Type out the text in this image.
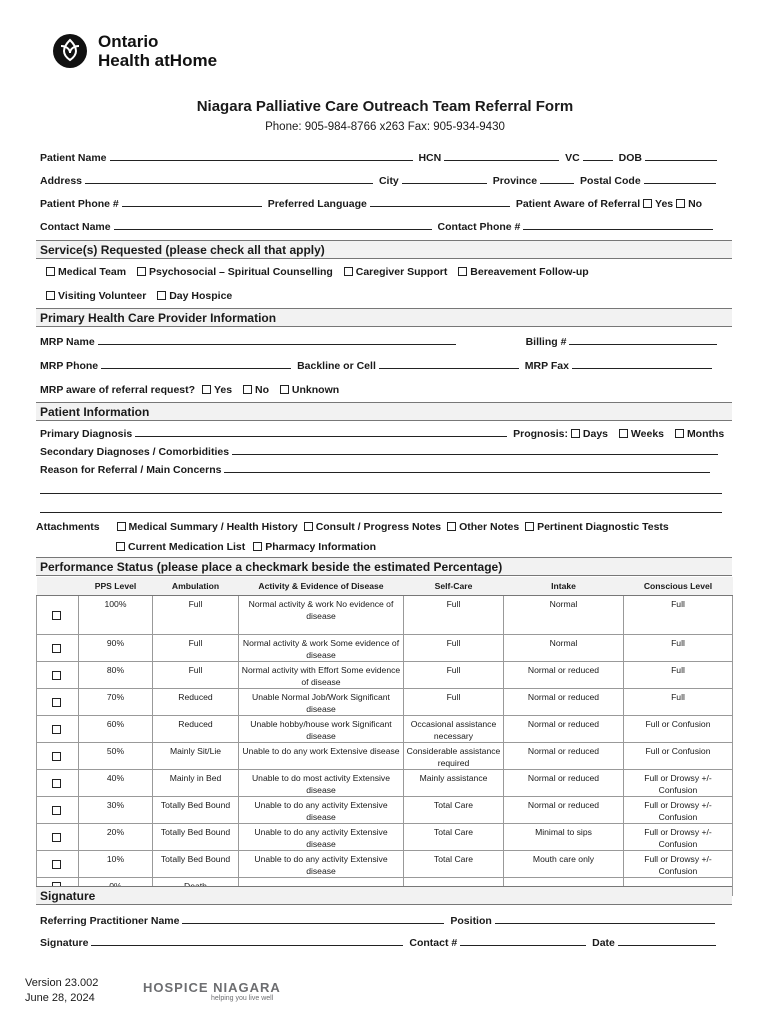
Ontario
Health atHome
Niagara Palliative Care Outreach Team Referral Form
Phone: 905-984-8766 x263 Fax: 905-934-9430
Patient Name	HCN	VC	DOB
Address	City	Province	Postal Code
Patient Phone #	Preferred Language	Patient Aware of Referral Yes No
Contact Name	Contact Phone #
Service(s) Requested (please check all that apply)
Medical Team Psychosocial – Spiritual Counselling Caregiver Support Bereavement Follow-up
Visiting Volunteer Day Hospice
Primary Health Care Provider Information
MRP Name	Billing #
MRP Phone	Backline or Cell	MRP Fax
MRP aware of referral request? Yes No Unknown
Patient Information
Primary Diagnosis	Prognosis: Days Weeks Months
Secondary Diagnoses / Comorbidities
Reason for Referral / Main Concerns
Attachments	Medical Summary / Health History Consult / Progress Notes Other Notes Pertinent Diagnostic Tests
Current Medication List Pharmacy Information
Performance Status (please place a checkmark beside the estimated Percentage)
	PPS Level	Ambulation	Activity & Evidence of Disease	Self-Care	Intake	Conscious Level
	100%	Full	Normal activity & work No evidence of disease	Full	Normal	Full
	90%	Full	Normal activity & work Some evidence of disease	Full	Normal	Full
	80%	Full	Normal activity with Effort Some evidence of disease	Full	Normal or reduced	Full
	70%	Reduced	Unable Normal Job/Work Significant disease	Full	Normal or reduced	Full
	60%	Reduced	Unable hobby/house work Significant disease	Occasional assistance necessary	Normal or reduced	Full or Confusion
	50%	Mainly Sit/Lie	Unable to do any work Extensive disease	Considerable assistance required	Normal or reduced	Full or Confusion
	40%	Mainly in Bed	Unable to do most activity Extensive disease	Mainly assistance	Normal or reduced	Full or Drowsy +/- Confusion
	30%	Totally Bed Bound	Unable to do any activity Extensive disease	Total Care	Normal or reduced	Full or Drowsy +/- Confusion
	20%	Totally Bed Bound	Unable to do any activity Extensive disease	Total Care	Minimal to sips	Full or Drowsy +/- Confusion
	10%	Totally Bed Bound	Unable to do any activity Extensive disease	Total Care	Mouth care only	Full or Drowsy +/- Confusion

Signature
Referring Practitioner Name	Position
Signature	Contact #	Date
Version 23.002
June 28, 2024
HOSPICE NIAGARA
helping you live well
